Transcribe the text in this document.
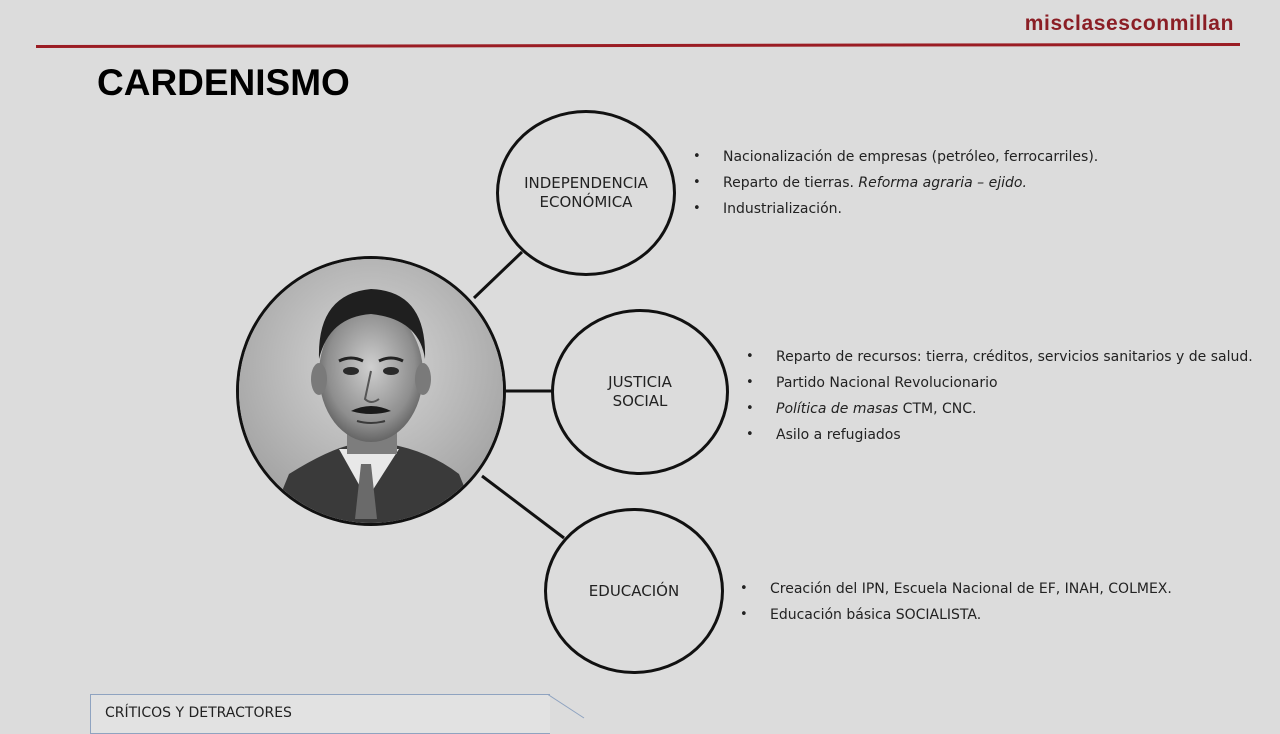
misclasesconmillan
CARDENISMO
INDEPENDENCIA
ECONÓMICA
• Nacionalización de empresas (petróleo, ferrocarriles).
• Reparto de tierras. Reforma agraria – ejido.
• Industrialización.
JUSTICIA
SOCIAL
• Reparto de recursos: tierra, créditos, servicios sanitarios y de salud.
• Partido Nacional Revolucionario
• Política de masas CTM, CNC.
• Asilo a refugiados
EDUCACIÓN
•	Creación del IPN, Escuela Nacional de EF, INAH, COLMEX.
• Educación básica SOCIALISTA.
CRÍTICOS Y DETRACTORES
